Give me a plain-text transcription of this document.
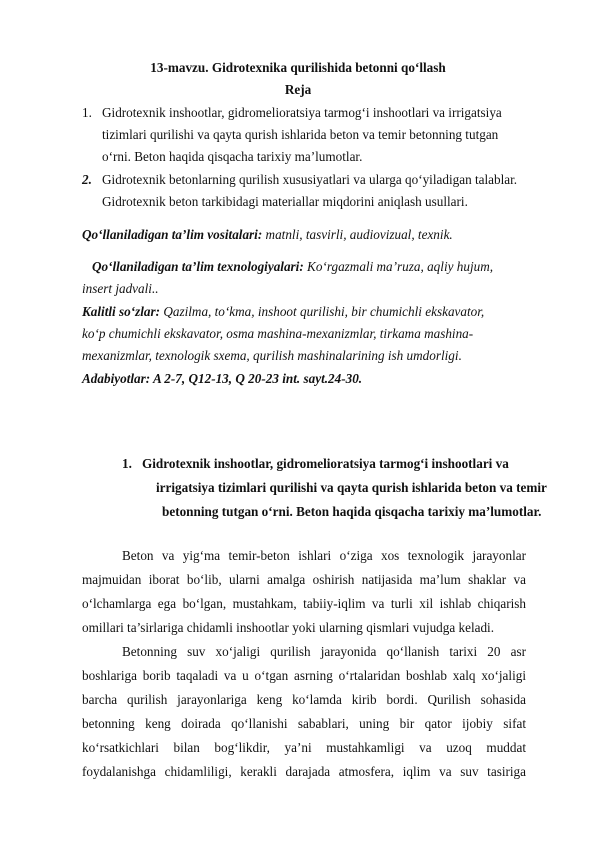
13-mavzu. Gidrotexnika qurilishida betonni qo‘llash
Reja
1. Gidrotexnik inshootlar, gidromelioratsiya tarmog‘i inshootlari va irrigatsiya
tizimlari qurilishi va qayta qurish ishlarida beton va temir betonning tutgan
o‘rni. Beton haqida qisqacha tarixiy ma’lumotlar.
2. Gidrotexnik betonlarning qurilish xususiyatlari va ularga qo‘yiladigan talablar.
Gidrotexnik beton tarkibidagi materiallar miqdorini aniqlash usullari.
Qo‘llaniladigan ta’lim vositalari: matnli, tasvirli, audiovizual, texnik.
Qo‘llaniladigan ta’lim texnologiyalari: Ko‘rgazmali ma’ruza, aqliy hujum,
insert jadvali..
Kalitli so‘zlar: Qazilma, to‘kma, inshoot qurilishi, bir chumichli ekskavator,
ko‘p chumichli ekskavator, osma mashina-mexanizmlar, tirkama mashina-
mexanizmlar, texnologik sxema, qurilish mashinalarining ish umdorligi.
Adabiyotlar: A 2-7, Q12-13, Q 20-23 int. sayt.24-30.
1. Gidrotexnik inshootlar, gidromelioratsiya tarmog‘i inshootlari va
irrigatsiya tizimlari qurilishi va qayta qurish ishlarida beton va temir
betonning tutgan o‘rni. Beton haqida qisqacha tarixiy ma’lumotlar.
Beton va yig‘ma temir-beton ishlari o‘ziga xos texnologik jarayonlar
majmuidan iborat bo‘lib, ularni amalga oshirish natijasida ma’lum shaklar va
o‘lchamlarga ega bo‘lgan, mustahkam, tabiiy-iqlim va turli xil ishlab chiqarish
omillari ta’sirlariga chidamli inshootlar yoki ularning qismlari vujudga keladi.
Betonning suv xo‘jaligi qurilish jarayonida qo‘llanish tarixi 20 asr
boshlariga borib taqaladi va u o‘tgan asrning o‘rtalaridan boshlab xalq xo‘jaligi
barcha qurilish jarayonlariga keng ko‘lamda kirib bordi. Qurilish sohasida
betonning keng doirada qo‘llanishi sabablari, uning bir qator ijobiy sifat
ko‘rsatkichlari bilan bog‘likdir, ya’ni mustahkamligi va uzoq muddat
foydalanishga chidamliligi, kerakli darajada atmosfera, iqlim va suv tasiriga
